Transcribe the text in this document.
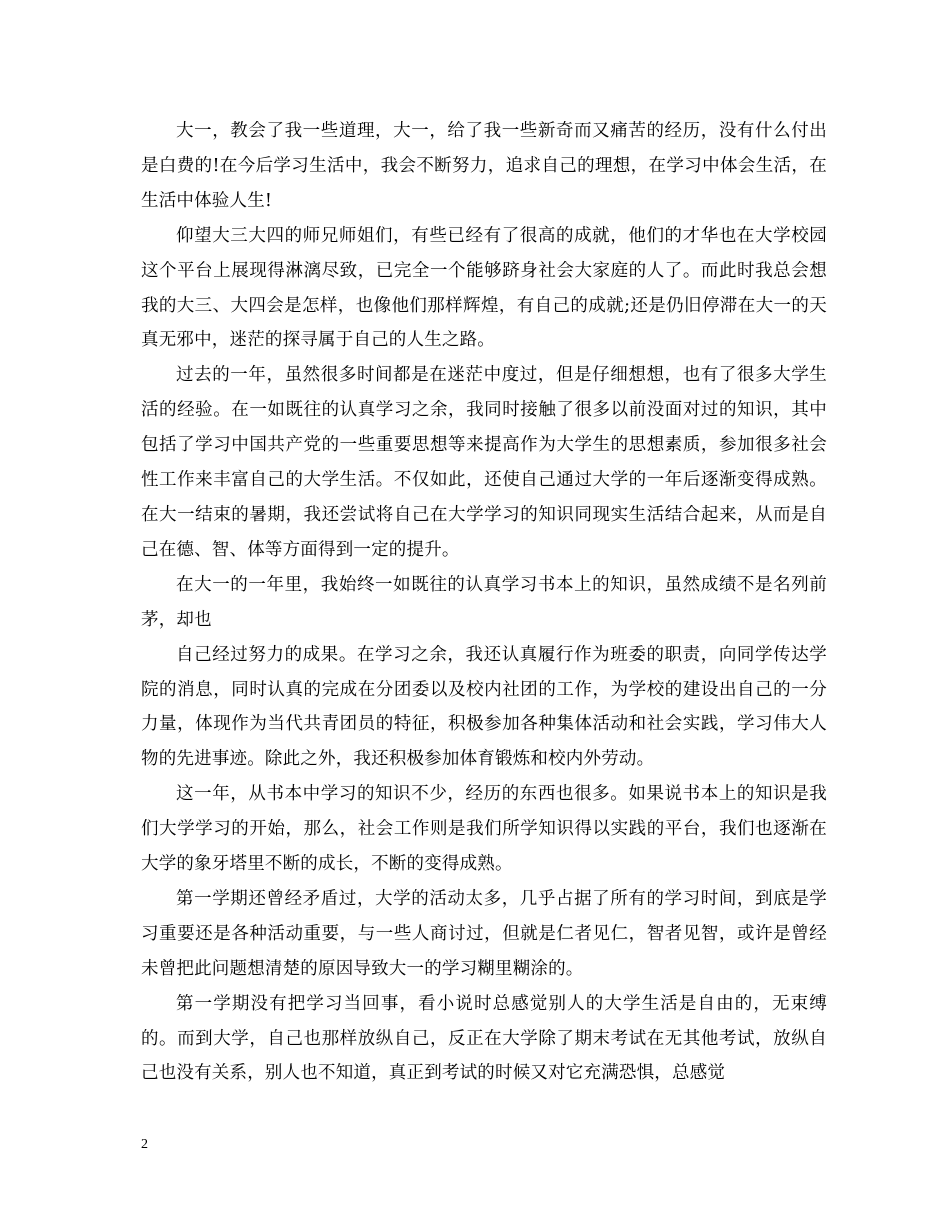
大一，教会了我一些道理，大一，给了我一些新奇而又痛苦的经历，没有什么付出是白费的!在今后学习生活中，我会不断努力，追求自己的理想，在学习中体会生活，在生活中体验人生!

仰望大三大四的师兄师姐们，有些已经有了很高的成就，他们的才华也在大学校园这个平台上展现得淋漓尽致，已完全一个能够跻身社会大家庭的人了。而此时我总会想我的大三、大四会是怎样，也像他们那样辉煌，有自己的成就;还是仍旧停滞在大一的天真无邪中，迷茫的探寻属于自己的人生之路。

过去的一年，虽然很多时间都是在迷茫中度过，但是仔细想想，也有了很多大学生活的经验。在一如既往的认真学习之余，我同时接触了很多以前没面对过的知识，其中包括了学习中国共产党的一些重要思想等来提高作为大学生的思想素质，参加很多社会性工作来丰富自己的大学生活。不仅如此，还使自己通过大学的一年后逐渐变得成熟。在大一结束的暑期，我还尝试将自己在大学学习的知识同现实生活结合起来，从而是自己在德、智、体等方面得到一定的提升。

在大一的一年里，我始终一如既往的认真学习书本上的知识，虽然成绩不是名列前茅，却也

自己经过努力的成果。在学习之余，我还认真履行作为班委的职责，向同学传达学院的消息，同时认真的完成在分团委以及校内社团的工作，为学校的建设出自己的一分力量，体现作为当代共青团员的特征，积极参加各种集体活动和社会实践，学习伟大人物的先进事迹。除此之外，我还积极参加体育锻炼和校内外劳动。

这一年，从书本中学习的知识不少，经历的东西也很多。如果说书本上的知识是我们大学学习的开始，那么，社会工作则是我们所学知识得以实践的平台，我们也逐渐在大学的象牙塔里不断的成长，不断的变得成熟。

第一学期还曾经矛盾过，大学的活动太多，几乎占据了所有的学习时间，到底是学习重要还是各种活动重要，与一些人商讨过，但就是仁者见仁，智者见智，或许是曾经未曾把此问题想清楚的原因导致大一的学习糊里糊涂的。

第一学期没有把学习当回事，看小说时总感觉别人的大学生活是自由的，无束缚的。而到大学，自己也那样放纵自己，反正在大学除了期末考试在无其他考试，放纵自己也没有关系，别人也不知道，真正到考试的时候又对它充满恐惧，总感觉

2
